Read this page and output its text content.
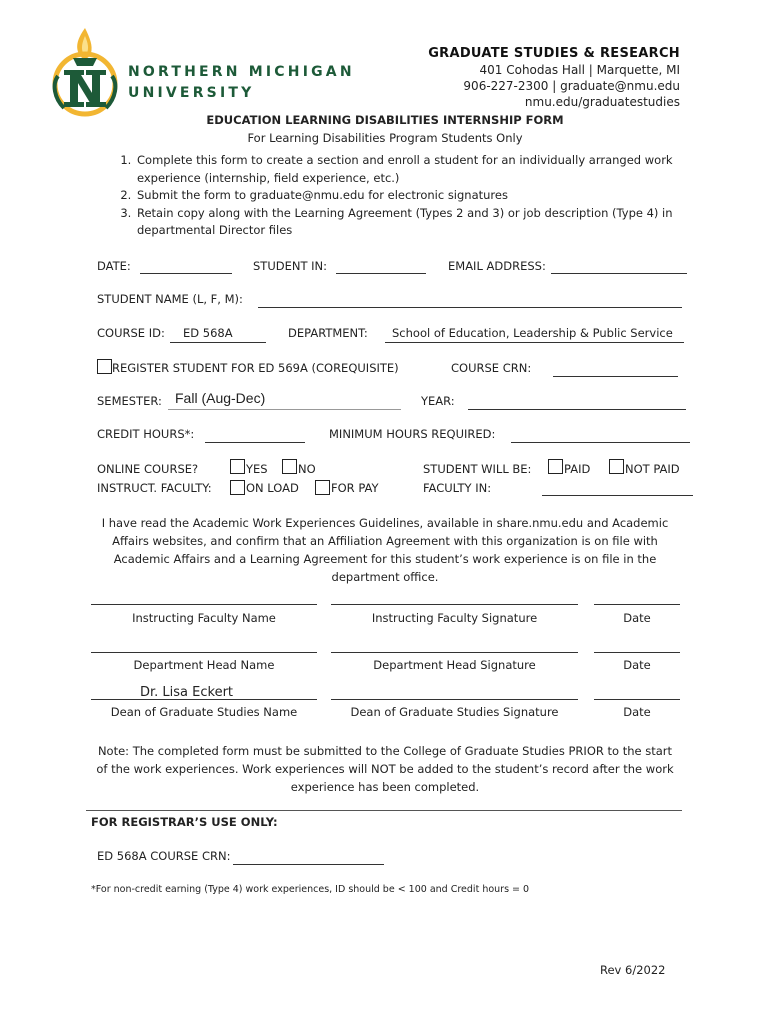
NORTHERN MICHIGAN
UNIVERSITY
GRADUATE STUDIES & RESEARCH
401 Cohodas Hall | Marquette, MI
906-227-2300 | graduate@nmu.edu
nmu.edu/graduatestudies
EDUCATION LEARNING DISABILITIES INTERNSHIP FORM
For Learning Disabilities Program Students Only
1. Complete this form to create a section and enroll a student for an individually arranged work experience (internship, field experience, etc.)
2. Submit the form to graduate@nmu.edu for electronic signatures
3. Retain copy along with the Learning Agreement (Types 2 and 3) or job description (Type 4) in departmental Director files
DATE:	STUDENT IN:	EMAIL ADDRESS:
STUDENT NAME (L, F, M):
COURSE ID: ED 568A	DEPARTMENT: School of Education, Leadership & Public Service
REGISTER STUDENT FOR ED 569A (COREQUISITE)	COURSE CRN:
SEMESTER: Fall (Aug-Dec)	YEAR:
CREDIT HOURS*:	MINIMUM HOURS REQUIRED:
ONLINE COURSE?	YES	NO	STUDENT WILL BE:	PAID	NOT PAID
INSTRUCT. FACULTY:	ON LOAD	FOR PAY	FACULTY IN:
I have read the Academic Work Experiences Guidelines, available in share.nmu.edu and Academic Affairs websites, and confirm that an Affiliation Agreement with this organization is on file with Academic Affairs and a Learning Agreement for this student’s work experience is on file in the department office.
Instructing Faculty Name	Instructing Faculty Signature	Date
Department Head Name	Department Head Signature	Date
Dr. Lisa Eckert
Dean of Graduate Studies Name	Dean of Graduate Studies Signature	Date
Note: The completed form must be submitted to the College of Graduate Studies PRIOR to the start of the work experiences. Work experiences will NOT be added to the student’s record after the work experience has been completed.
FOR REGISTRAR’S USE ONLY:
ED 568A COURSE CRN:
*For non-credit earning (Type 4) work experiences, ID should be < 100 and Credit hours = 0
Rev 6/2022
